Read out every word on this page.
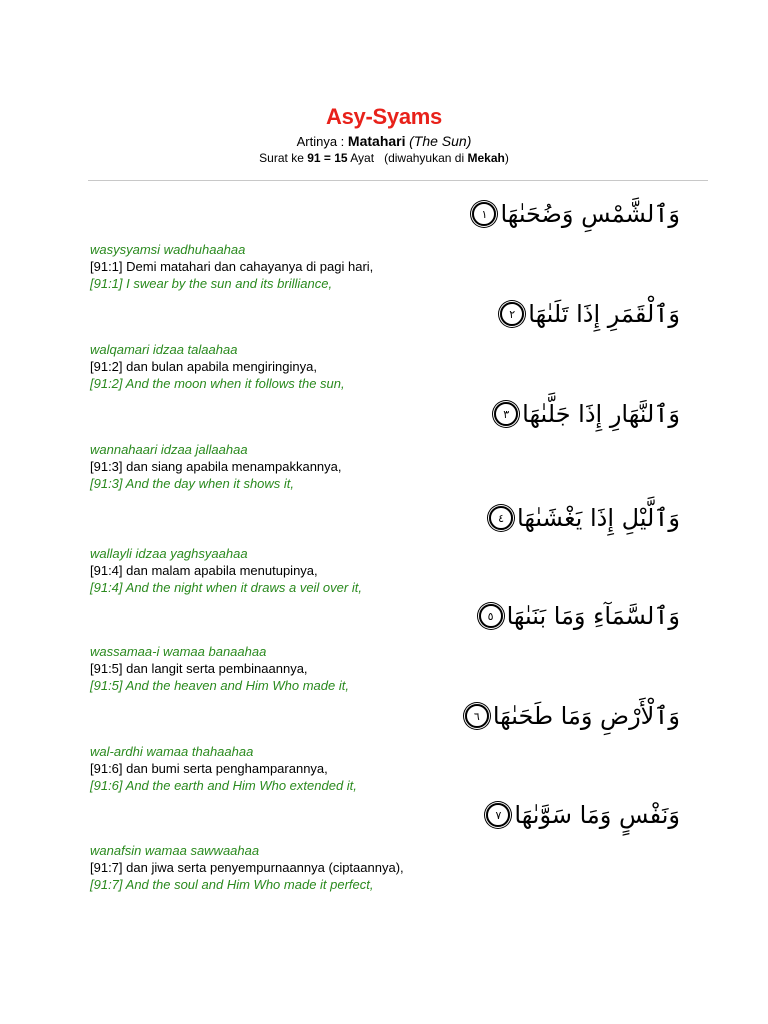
Asy-Syams
Artinya : Matahari (The Sun)
Surat ke 91 = 15 Ayat (diwahyukan di Mekah)
وَٱلشَّمْسِ وَضُحَىٰهَا
١
wasysyamsi wadhuhaahaa
[91:1] Demi matahari dan cahayanya di pagi hari,
[91:1] I swear by the sun and its brilliance,
وَٱلْقَمَرِ إِذَا تَلَىٰهَا
٢
walqamari idzaa talaahaa
[91:2] dan bulan apabila mengiringinya,
[91:2] And the moon when it follows the sun,
وَٱلنَّهَارِ إِذَا جَلَّىٰهَا
٣
wannahaari idzaa jallaahaa
[91:3] dan siang apabila menampakkannya,
[91:3] And the day when it shows it,
وَٱلَّيْلِ إِذَا يَغْشَىٰهَا
٤
wallayli idzaa yaghsyaahaa
[91:4] dan malam apabila menutupinya,
[91:4] And the night when it draws a veil over it,
وَٱلسَّمَآءِ وَمَا بَنَىٰهَا
٥
wassamaa-i wamaa banaahaa
[91:5] dan langit serta pembinaannya,
[91:5] And the heaven and Him Who made it,
وَٱلْأَرْضِ وَمَا طَحَىٰهَا
٦
wal-ardhi wamaa thahaahaa
[91:6] dan bumi serta penghamparannya,
[91:6] And the earth and Him Who extended it,
وَنَفْسٍ وَمَا سَوَّىٰهَا
٧
wanafsin wamaa sawwaahaa
[91:7] dan jiwa serta penyempurnaannya (ciptaannya),
[91:7] And the soul and Him Who made it perfect,
